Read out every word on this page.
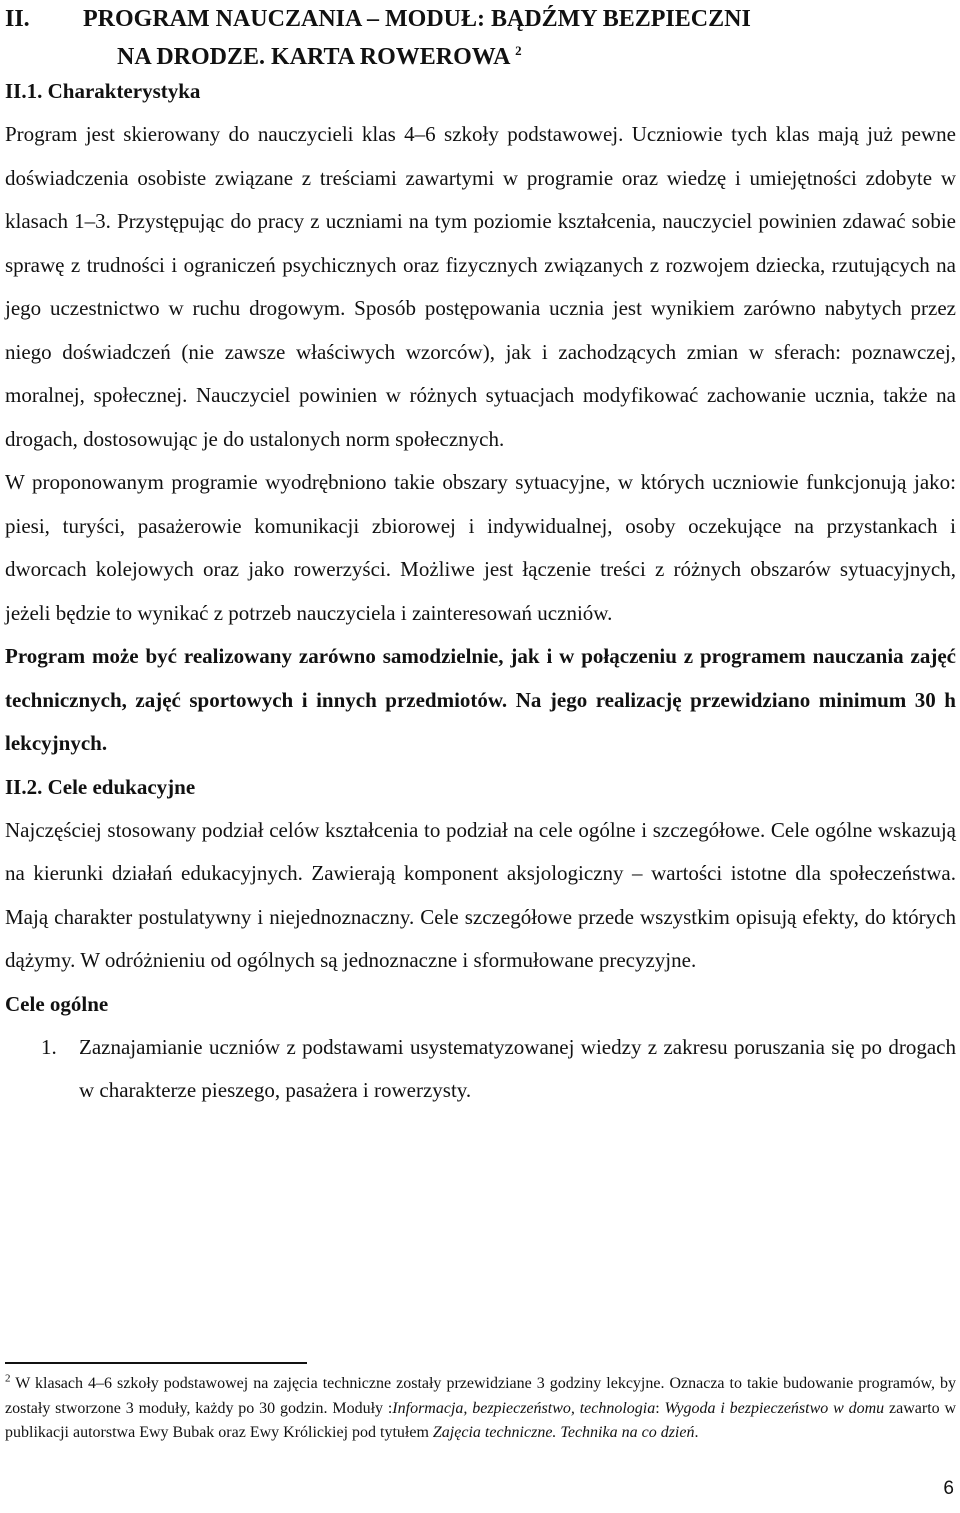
II. PROGRAM NAUCZANIA – MODUŁ: BĄDŹMY BEZPIECZNI
NA DRODZE. KARTA ROWEROWA $^2$
II.1. Charakterystyka

Program jest skierowany do nauczycieli klas 4–6 szkoły podstawowej. Uczniowie tych klas mają już pewne doświadczenia osobiste związane z treściami zawartymi w programie oraz wiedzę i umiejętności zdobyte w klasach 1–3. Przystępując do pracy z uczniami na tym poziomie kształcenia, nauczyciel powinien zdawać sobie sprawę z trudności i ograniczeń psychicznych oraz fizycznych związanych z rozwojem dziecka, rzutujących na jego uczestnictwo w ruchu drogowym. Sposób postępowania ucznia jest wynikiem zarówno nabytych przez niego doświadczeń (nie zawsze właściwych wzorców), jak i zachodzących zmian w sferach: poznawczej, moralnej, społecznej. Nauczyciel powinien w różnych sytuacjach modyfikować zachowanie ucznia, także na drogach, dostosowując je do ustalonych norm społecznych.

W proponowanym programie wyodrębniono takie obszary sytuacyjne, w których uczniowie funkcjonują jako: piesi, turyści, pasażerowie komunikacji zbiorowej i indywidualnej, osoby oczekujące na przystankach i dworcach kolejowych oraz jako rowerzyści. Możliwe jest łączenie treści z różnych obszarów sytuacyjnych, jeżeli będzie to wynikać z potrzeb nauczyciela i zainteresowań uczniów.

Program może być realizowany zarówno samodzielnie, jak i w połączeniu z programem nauczania zajęć technicznych, zajęć sportowych i innych przedmiotów. Na jego realizację przewidziano minimum 30 h lekcyjnych.

II.2. Cele edukacyjne

Najczęściej stosowany podział celów kształcenia to podział na cele ogólne i szczegółowe. Cele ogólne wskazują na kierunki działań edukacyjnych. Zawierają komponent aksjologiczny – wartości istotne dla społeczeństwa. Mają charakter postulatywny i niejednoznaczny. Cele szczegółowe przede wszystkim opisują efekty, do których dążymy. W odróżnieniu od ogólnych są jednoznaczne i sformułowane precyzyjne.

Cele ogólne
1. Zaznajamianie uczniów z podstawami usystematyzowanej wiedzy z zakresu poruszania się po drogach w charakterze pieszego, pasażera i rowerzysty.
$^2$ W klasach 4–6 szkoły podstawowej na zajęcia techniczne zostały przewidziane 3 godziny lekcyjne. Oznacza to takie budowanie programów, by zostały stworzone 3 moduły, każdy po 30 godzin. Moduły :Informacja, bezpieczeństwo, technologia: Wygoda i bezpieczeństwo w domu zawarto w publikacji autorstwa Ewy Bubak oraz Ewy Królickiej pod tytułem Zajęcia techniczne. Technika na co dzień.
6
